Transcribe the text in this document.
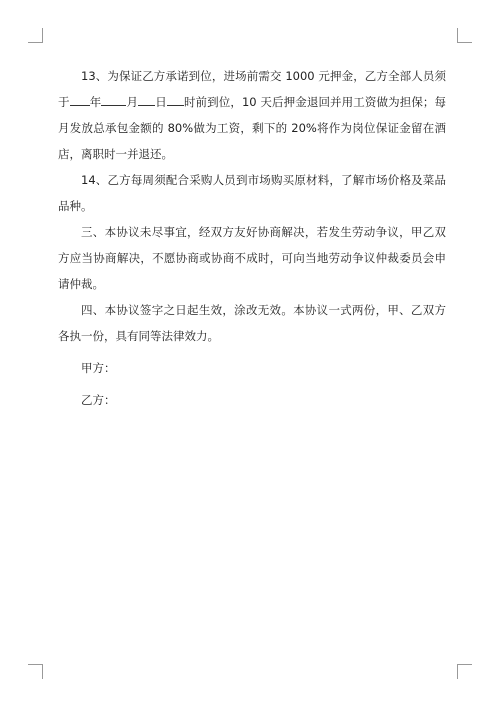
13、为保证乙方承诺到位，进场前需交 1000 元押金，乙方全部人员须于 年 月 日 时前到位，10 天后押金退回并用工资做为担保；每月发放总承包金额的 80%做为工资，剩下的 20%将作为岗位保证金留在酒店，离职时一并退还。

14、乙方每周须配合采购人员到市场购买原材料，了解市场价格及菜品品种。

三、本协议未尽事宜，经双方友好协商解决，若发生劳动争议，甲乙双方应当协商解决，不愿协商或协商不成时，可向当地劳动争议仲裁委员会申请仲裁。

四、本协议签字之日起生效，涂改无效。本协议一式两份，甲、乙双方各执一份，具有同等法律效力。

甲方：

乙方：
